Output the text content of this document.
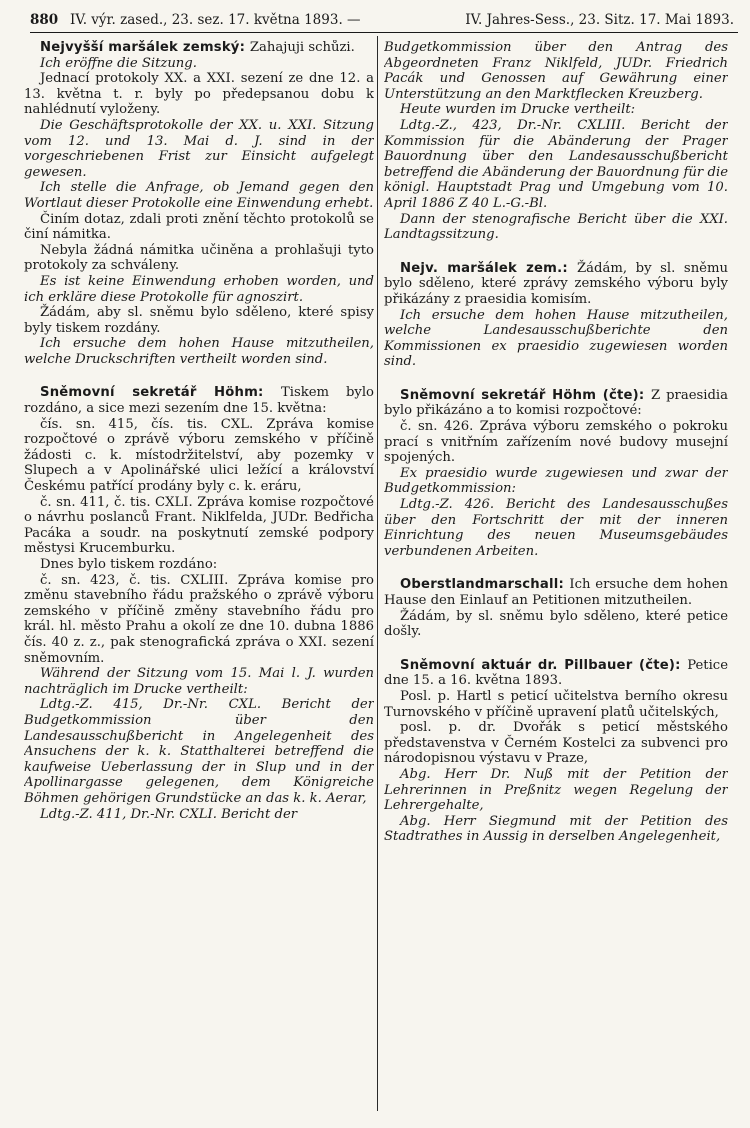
880 IV. výr. zased., 23. sez. 17. května 1893. —	IV. Jahres-Sess., 23. Sitz. 17. Mai 1893.

Nejvyšší maršálek zemský: Zahajuji schůzi.

Ich eröffne die Sitzung.

Jednací protokoly XX. a XXI. sezení ze dne 12. a 13. května t. r. byly po předepsanou dobu k nahlédnutí vyloženy.

Die Geschäftsprotokolle der XX. u. XXI. Sitzung vom 12. und 13. Mai d. J. sind in der vorgeschriebenen Frist zur Einsicht aufgelegt gewesen.

Ich stelle die Anfrage, ob Jemand gegen den Wortlaut dieser Protokolle eine Einwendung erhebt.

Činím dotaz, zdali proti znění těchto protokolů se činí námitka.

Nebyla žádná námitka učiněna a prohlašuji tyto protokoly za schváleny.

Es ist keine Einwendung erhoben worden, und ich erkläre diese Protokolle für agnoszirt.

Žádám, aby sl. sněmu bylo sděleno, které spisy byly tiskem rozdány.

Ich ersuche dem hohen Hause mitzutheilen, welche Druckschriften vertheilt worden sind.

Sněmovní sekretář Höhm: Tiskem bylo rozdáno, a sice mezi sezením dne 15. května:

čís. sn. 415, čís. tis. CXL. Zpráva komise rozpočtové o zprávě výboru zemského v příčině žádosti c. k. místodržitelství, aby pozemky v Slupech a v Apolinářské ulici ležící a království Českému patřící prodány byly c. k. eráru,

č. sn. 411, č. tis. CXLI. Zpráva komise rozpočtové o návrhu poslanců Frant. Niklfelda, JUDr. Bedřicha Pacáka a soudr. na poskytnutí zemské podpory městysi Krucemburku.

Dnes bylo tiskem rozdáno:

č. sn. 423, č. tis. CXLIII. Zpráva komise pro změnu stavebního řádu pražského o zprávě výboru zemského v příčině změny stavebního řádu pro král. hl. město Prahu a okolí ze dne 10. dubna 1886 čís. 40 z. z., pak stenografická zpráva o XXI. sezení sněmovním.

Während der Sitzung vom 15. Mai l. J. wurden nachträglich im Drucke vertheilt:

Ldtg.-Z. 415, Dr.-Nr. CXL. Bericht der Budgetkommission über den Landesausschußbericht in Angelegenheit des Ansuchens der k. k. Statthalterei betreffend die kaufweise Ueberlassung der in Slup und in der Apollinargasse gelegenen, dem Königreiche Böhmen gehörigen Grundstücke an das k. k. Aerar,

Ldtg.-Z. 411, Dr.-Nr. CXLI. Bericht der

Budgetkommission über den Antrag des Abgeordneten Franz Niklfeld, JUDr. Friedrich Pacák und Genossen auf Gewährung einer Unterstützung an den Marktflecken Kreuzberg.

Heute wurden im Drucke vertheilt:

Ldtg.-Z., 423, Dr.-Nr. CXLIII. Bericht der Kommission für die Abänderung der Prager Bauordnung über den Landesausschußbericht betreffend die Abänderung der Bauordnung für die königl. Hauptstadt Prag und Umgebung vom 10. April 1886 Z 40 L.-G.-Bl.

Dann der stenografische Bericht über die XXI. Landtagssitzung.

Nejv. maršálek zem.: Žádám, by sl. sněmu bylo sděleno, které zprávy zemského výboru byly přikázány z praesidia komisím.

Ich ersuche dem hohen Hause mitzutheilen, welche Landesausschußberichte den Kommissionen ex praesidio zugewiesen worden sind.

Sněmovní sekretář Höhm (čte): Z praesidia bylo přikázáno a to komisi rozpočtové:

č. sn. 426. Zpráva výboru zemského o pokroku prací s vnitřním zařízením nové budovy musejní spojených.

Ex praesidio wurde zugewiesen und zwar der Budgetkommission:

Ldtg.-Z. 426. Bericht des Landesausschußes über den Fortschritt der mit der inneren Einrichtung des neuen Museumsgebäudes verbundenen Arbeiten.

Oberstlandmarschall: Ich ersuche dem hohen Hause den Einlauf an Petitionen mitzutheilen.

Žádám, by sl. sněmu bylo sděleno, které petice došly.

Sněmovní aktuár dr. Pillbauer (čte): Petice dne 15. a 16. května 1893.

Posl. p. Hartl s peticí učitelstva berního okresu Turnovského v příčině upravení platů učitelských,

posl. p. dr. Dvořák s peticí městského představenstva v Černém Kostelci za subvenci pro národopisnou výstavu v Praze,

Abg. Herr Dr. Nuß mit der Petition der Lehrerinnen in Preßnitz wegen Regelung der Lehrergehalte,

Abg. Herr Siegmund mit der Petition des Stadtrathes in Aussig in derselben Angelegenheit,
